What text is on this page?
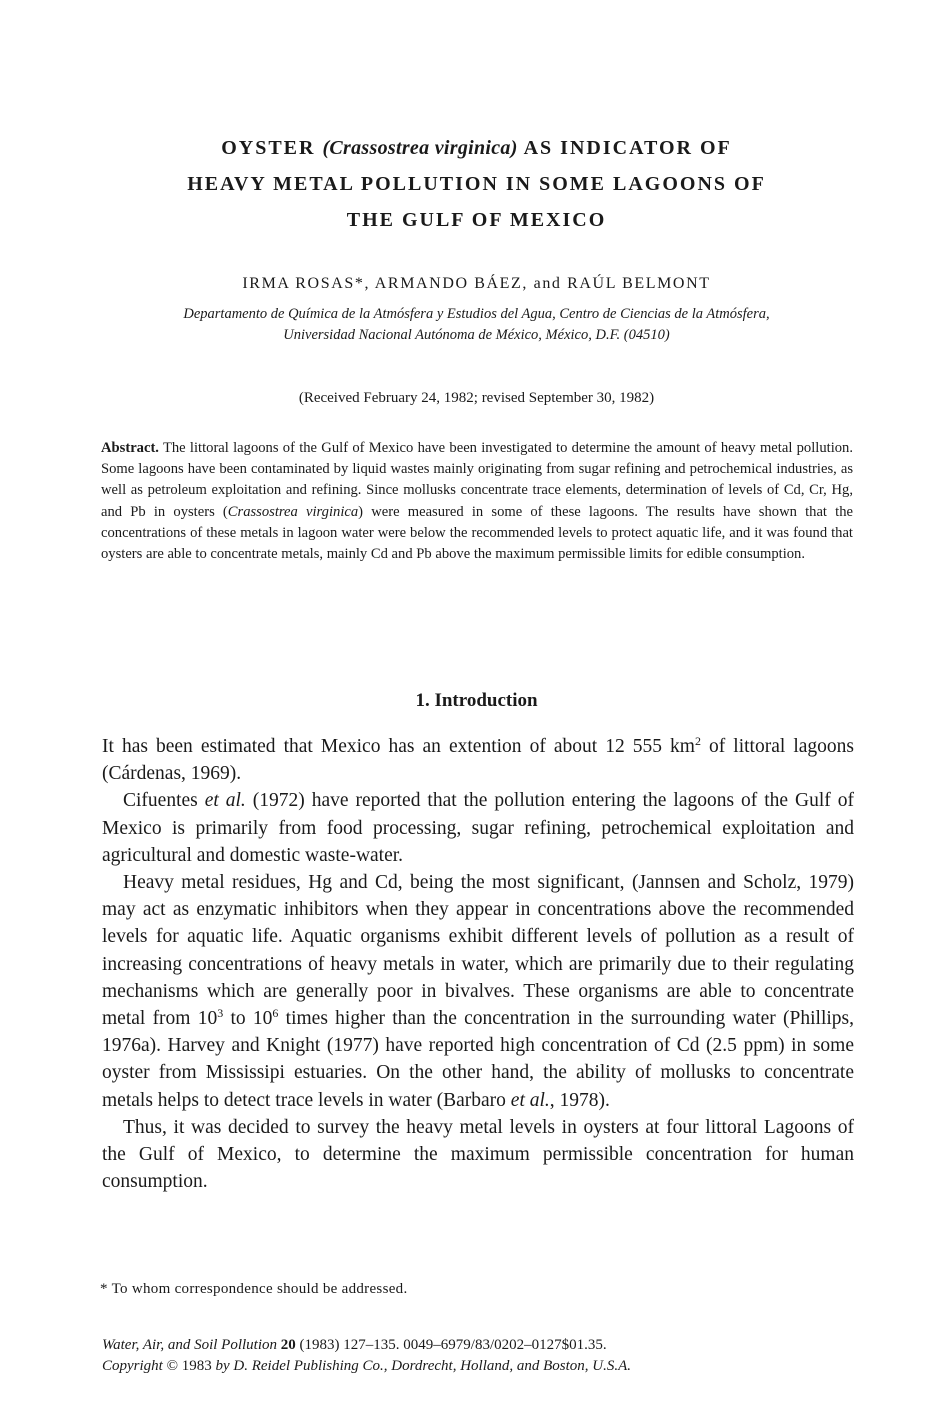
OYSTER (Crassostrea virginica) AS INDICATOR OF
HEAVY METAL POLLUTION IN SOME LAGOONS OF
THE GULF OF MEXICO
IRMA ROSAS*, ARMANDO BÁEZ, and RAÚL BELMONT
Departamento de Química de la Atmósfera y Estudios del Agua, Centro de Ciencias de la Atmósfera,
Universidad Nacional Autónoma de México, México, D.F. (04510)
(Received February 24, 1982; revised September 30, 1982)
Abstract. The littoral lagoons of the Gulf of Mexico have been investigated to determine the amount of heavy metal pollution. Some lagoons have been contaminated by liquid wastes mainly originating from sugar refining and petrochemical industries, as well as petroleum exploitation and refining. Since mollusks concentrate trace elements, determination of levels of Cd, Cr, Hg, and Pb in oysters (Crassostrea virginica) were measured in some of these lagoons. The results have shown that the concentrations of these metals in lagoon water were below the recommended levels to protect aquatic life, and it was found that oysters are able to concentrate metals, mainly Cd and Pb above the maximum permissible limits for edible consumption.
1. Introduction

It has been estimated that Mexico has an extention of about 12 555 $km^2$ of littoral lagoons (Cárdenas, 1969).

Cifuentes et al. (1972) have reported that the pollution entering the lagoons of the Gulf of Mexico is primarily from food processing, sugar refining, petrochemical exploitation and agricultural and domestic waste-water.

Heavy metal residues, Hg and Cd, being the most significant, (Jannsen and Scholz, 1979) may act as enzymatic inhibitors when they appear in concentrations above the recommended levels for aquatic life. Aquatic organisms exhibit different levels of pollution as a result of increasing concentrations of heavy metals in water, which are primarily due to their regulating mechanisms which are generally poor in bivalves. These organisms are able to concentrate metal from $10^3$ to $10^6$ times higher than the concentration in the surrounding water (Phillips, 1976a). Harvey and Knight (1977) have reported high concentration of Cd (2.5 ppm) in some oyster from Mississipi estuaries. On the other hand, the ability of mollusks to concentrate metals helps to detect trace levels in water (Barbaro et al., 1978).

Thus, it was decided to survey the heavy metal levels in oysters at four littoral Lagoons of the Gulf of Mexico, to determine the maximum permissible concentration for human consumption.

* To whom correspondence should be addressed.
Water, Air, and Soil Pollution 20 (1983) 127–135. 0049–6979/83/0202–0127$01.35.
Copyright © 1983 by D. Reidel Publishing Co., Dordrecht, Holland, and Boston, U.S.A.
